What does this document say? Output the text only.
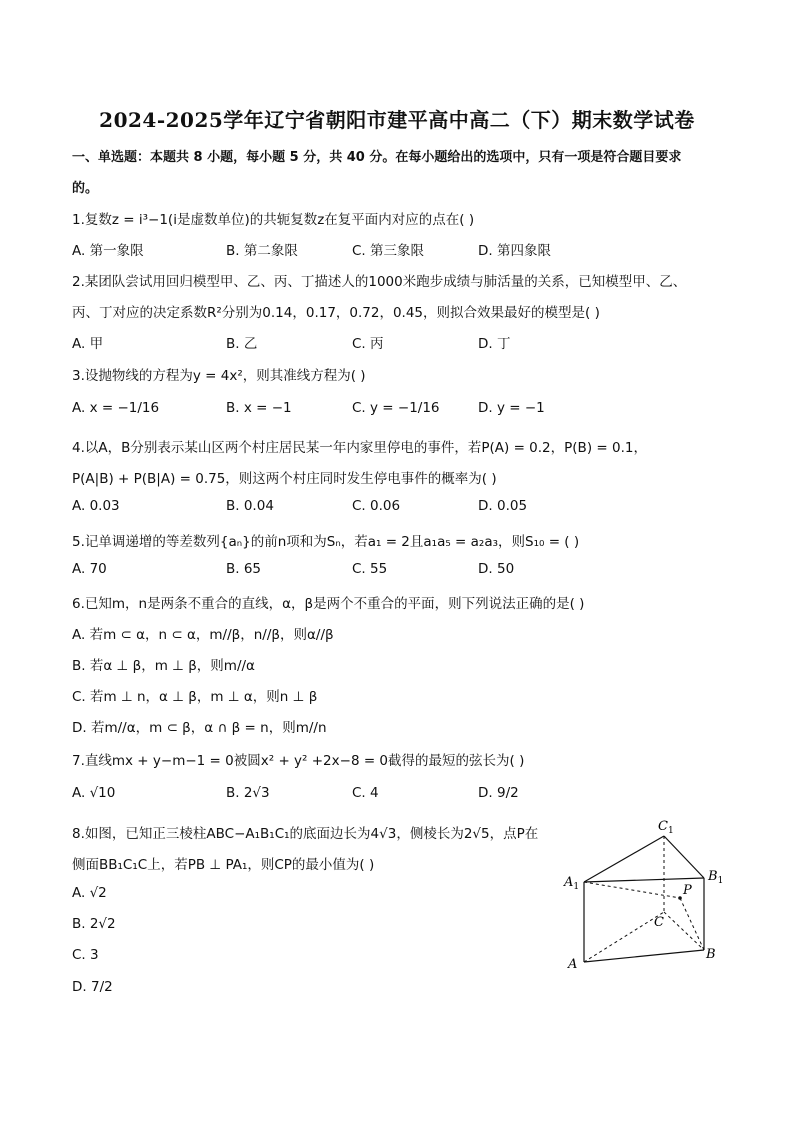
2024-2025学年辽宁省朝阳市建平高中高二（下）期末数学试卷
一、单选题：本题共 8 小题，每小题 5 分，共 40 分。在每小题给出的选项中，只有一项是符合题目要求
的。
1.复数z = i³−1(i是虚数单位)的共轭复数z在复平面内对应的点在( )
A. 第一象限	B. 第二象限	C. 第三象限	D. 第四象限
2.某团队尝试用回归模型甲、乙、丙、丁描述人的1000米跑步成绩与肺活量的关系，已知模型甲、乙、
丙、丁对应的决定系数R²分别为0.14，0.17，0.72，0.45，则拟合效果最好的模型是( )
A. 甲	B. 乙	C. 丙	D. 丁
3.设抛物线的方程为y = 4x²，则其准线方程为( )
A. x = −1/16	B. x = −1	C. y = −1/16	D. y = −1
4.以A，B分别表示某山区两个村庄居民某一年内家里停电的事件，若P(A) = 0.2，P(B) = 0.1，
P(A|B) + P(B|A) = 0.75，则这两个村庄同时发生停电事件的概率为( )
A. 0.03	B. 0.04	C. 0.06	D. 0.05
5.记单调递增的等差数列{aₙ}的前n项和为Sₙ，若a₁ = 2且a₁a₅ = a₂a₃，则S₁₀ = ( )
A. 70	B. 65	C. 55	D. 50
6.已知m，n是两条不重合的直线，α，β是两个不重合的平面，则下列说法正确的是( )
A. 若m ⊂ α，n ⊂ α，m//β，n//β，则α//β
B. 若α ⊥ β，m ⊥ β，则m//α
C. 若m ⊥ n，α ⊥ β，m ⊥ α，则n ⊥ β
D. 若m//α，m ⊂ β，α ∩ β = n，则m//n
7.直线mx + y−m−1 = 0被圆x² + y² +2x−8 = 0截得的最短的弦长为( )
A. √10	B. 2√3	C. 4	D. 9/2
8.如图，已知正三棱柱ABC−A₁B₁C₁的底面边长为4√3，侧棱长为2√5，点P在
侧面BB₁C₁C上，若PB ⊥ PA₁，则CP的最小值为( )
A. √2
B. 2√2
C. 3
D. 7/2
$C_1$
$A_1$
$B_1$
P
C
A
B
